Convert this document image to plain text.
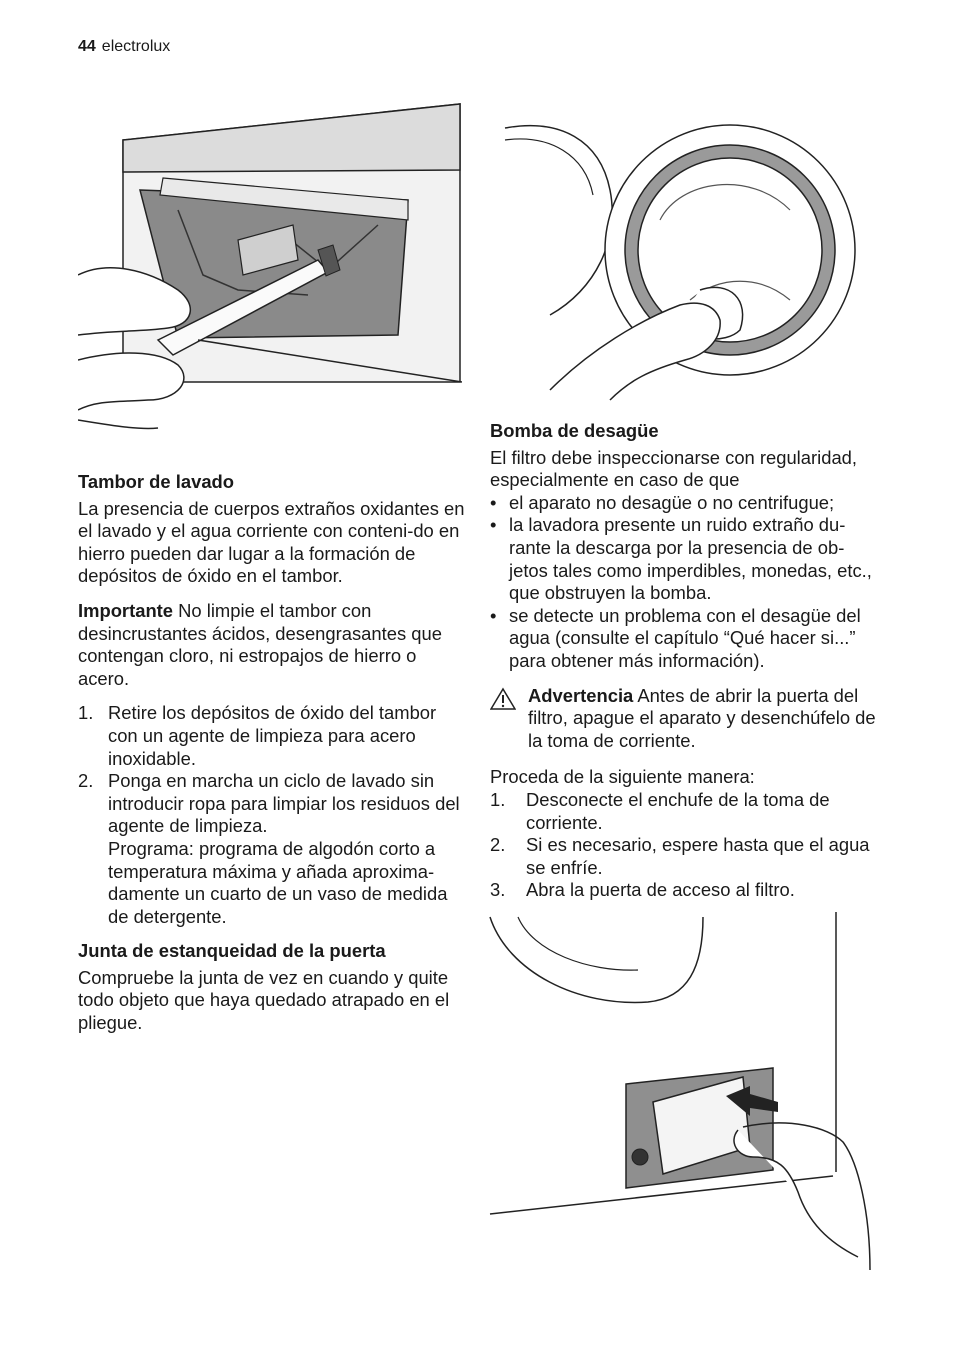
44 electrolux
Tambor de lavado

La presencia de cuerpos extraños oxidantes en el lavado y el agua corriente con conteni-do en hierro pueden dar lugar a la formación de depósitos de óxido en el tambor.

Importante No limpie el tambor con desincrustantes ácidos, desengrasantes que contengan cloro, ni estropajos de hierro o acero.

1. Retire los depósitos de óxido del tambor con un agente de limpieza para acero inoxidable.
2. Ponga en marcha un ciclo de lavado sin introducir ropa para limpiar los residuos del agente de limpieza.
Programa: programa de algodón corto a temperatura máxima y añada aproxima-damente un cuarto de un vaso de medida de detergente.
Junta de estanqueidad de la puerta

Compruebe la junta de vez en cuando y quite todo objeto que haya quedado atrapado en el pliegue.

Bomba de desagüe

El filtro debe inspeccionarse con regularidad, especialmente en caso de que

• el aparato no desagüe o no centrifugue;
• la lavadora presente un ruido extraño du-rante la descarga por la presencia de ob-jetos tales como imperdibles, monedas, etc., que obstruyen la bomba.
• se detecte un problema con el desagüe del agua (consulte el capítulo “Qué hacer si...” para obtener más información).
Advertencia Antes de abrir la puerta del filtro, apague el aparato y desenchúfelo de la toma de corriente.

Proceda de la siguiente manera:

1.	Desconecte el enchufe de la toma de corriente.
2.	Si es necesario, espere hasta que el agua se enfríe.
3.	Abra la puerta de acceso al filtro.
